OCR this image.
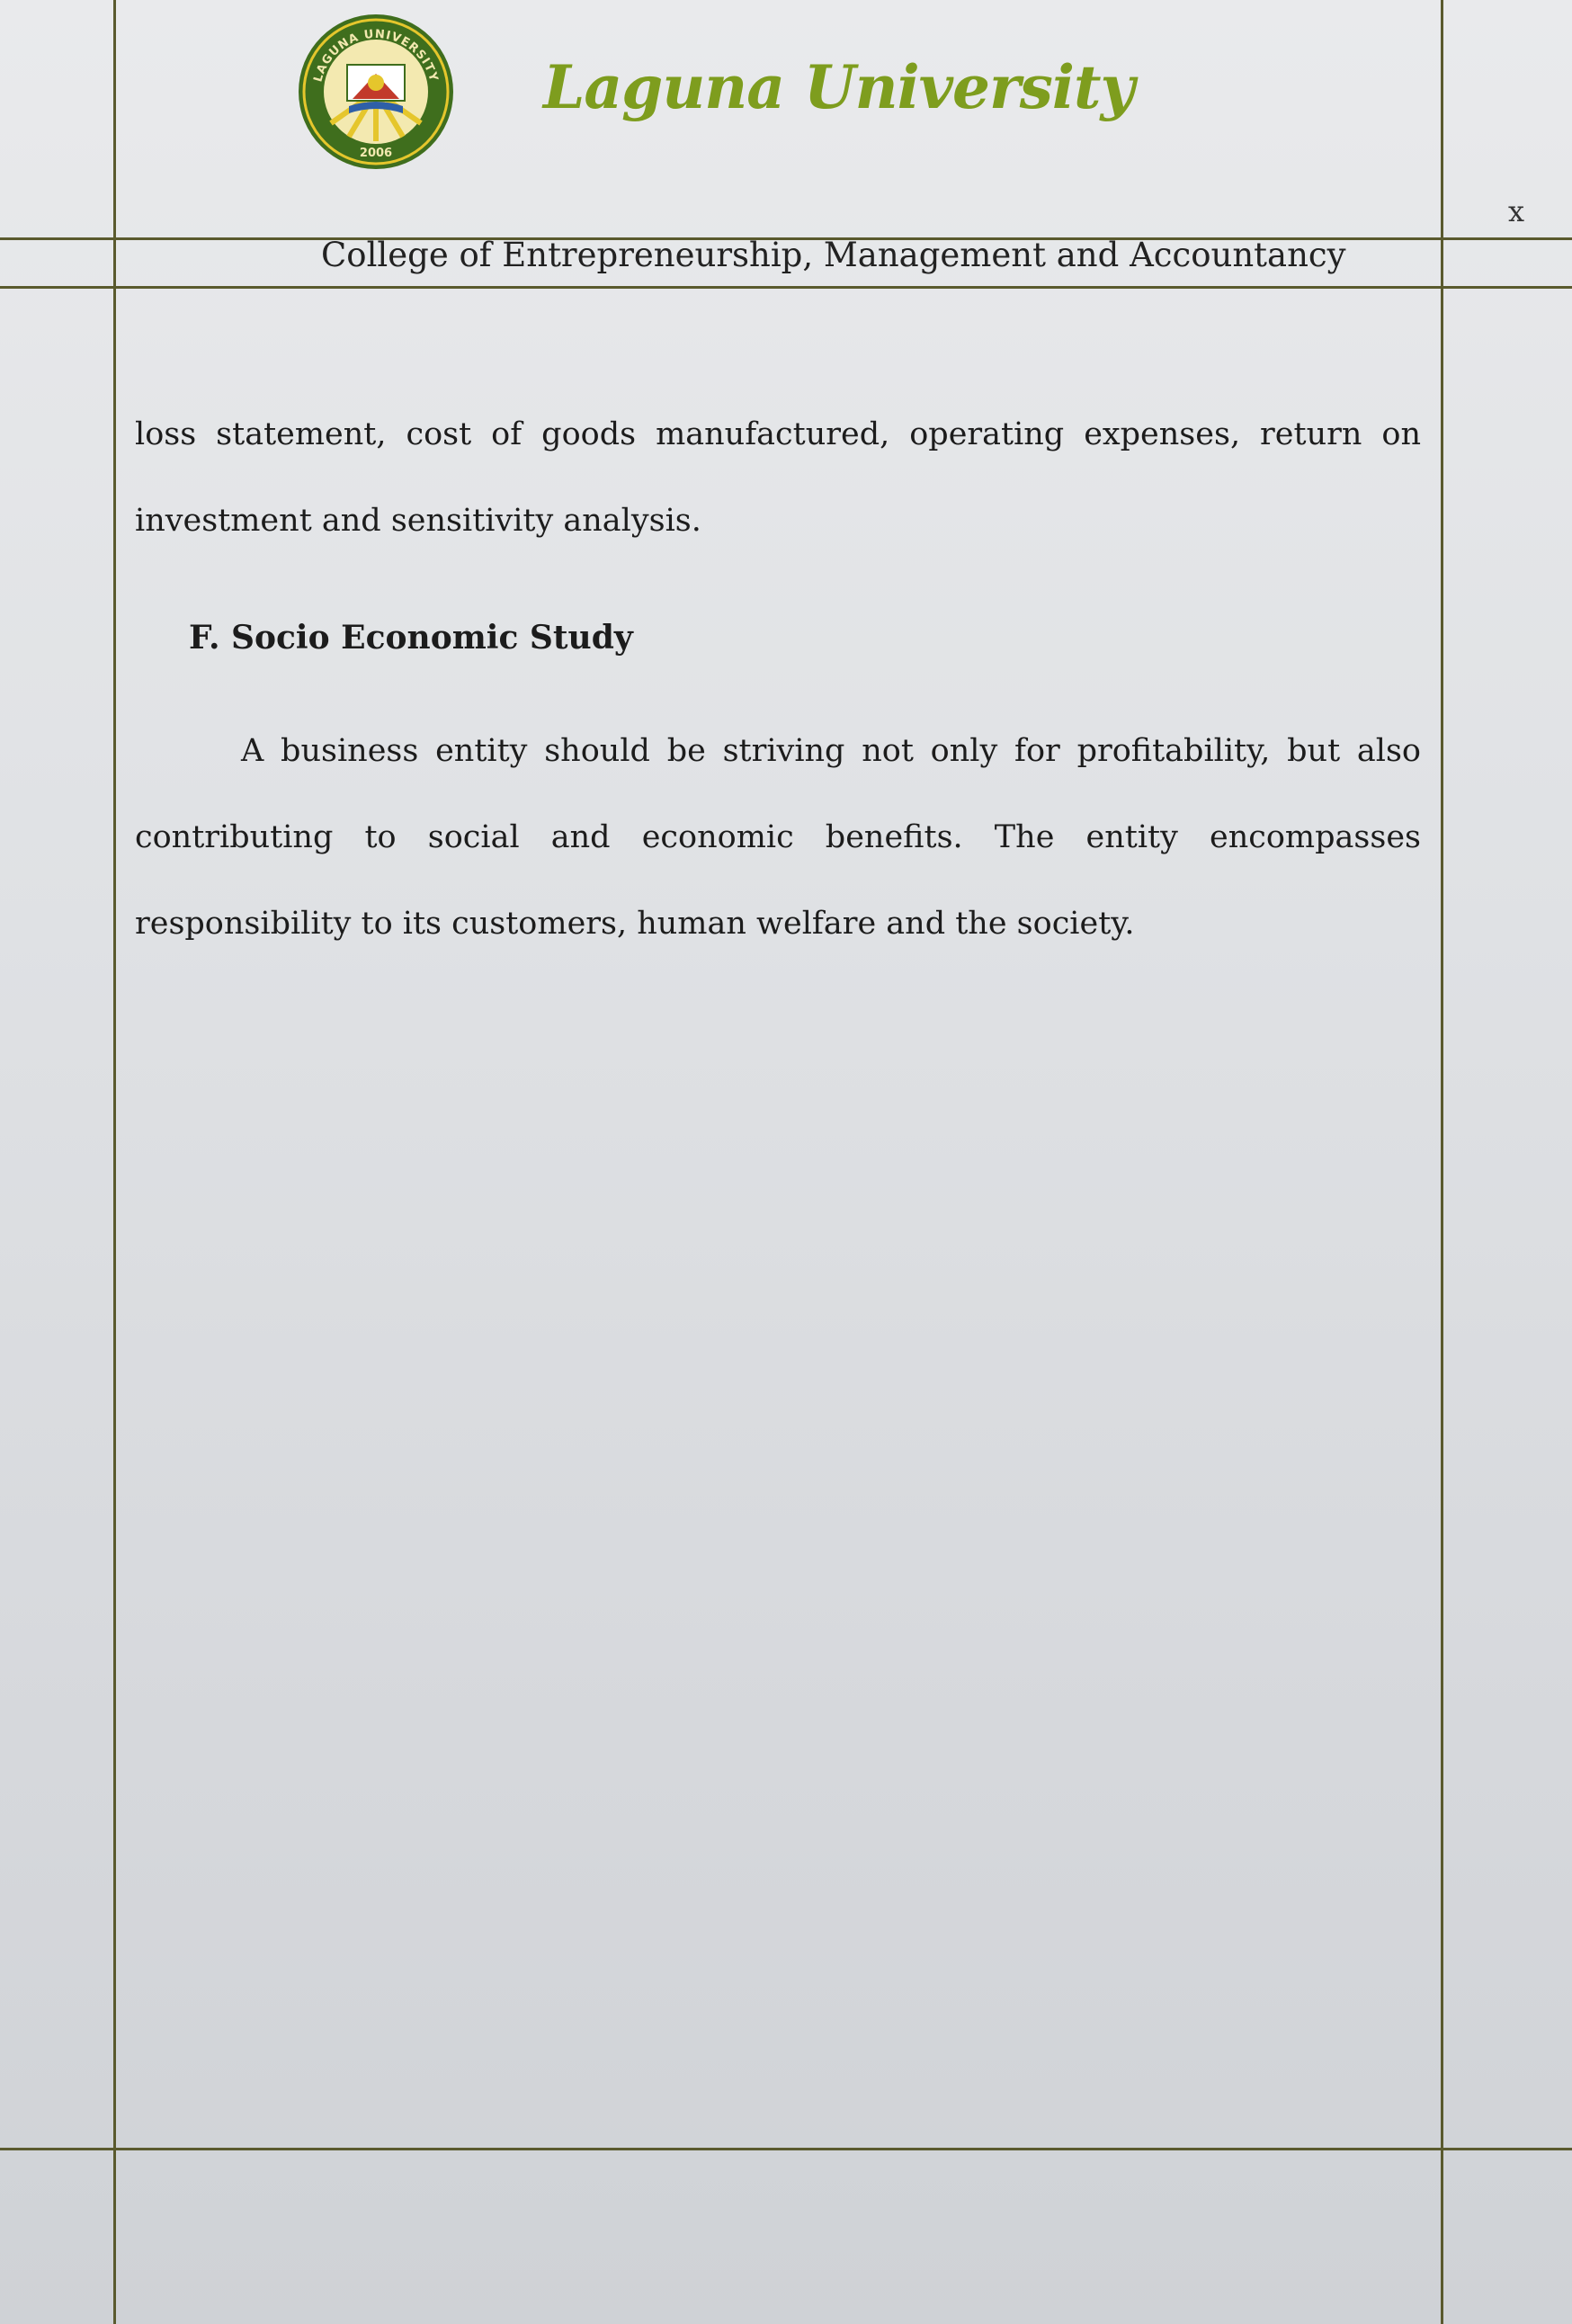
LAGUNA UNIVERSITY
2006
Laguna University
x
College of Entrepreneurship, Management and Accountancy

loss statement, cost of goods manufactured, operating expenses, return on investment and sensitivity analysis.

F. Socio Economic Study

A business entity should be striving not only for profitability, but also contributing to social and economic benefits. The entity encompasses responsibility to its customers, human welfare and the society.
